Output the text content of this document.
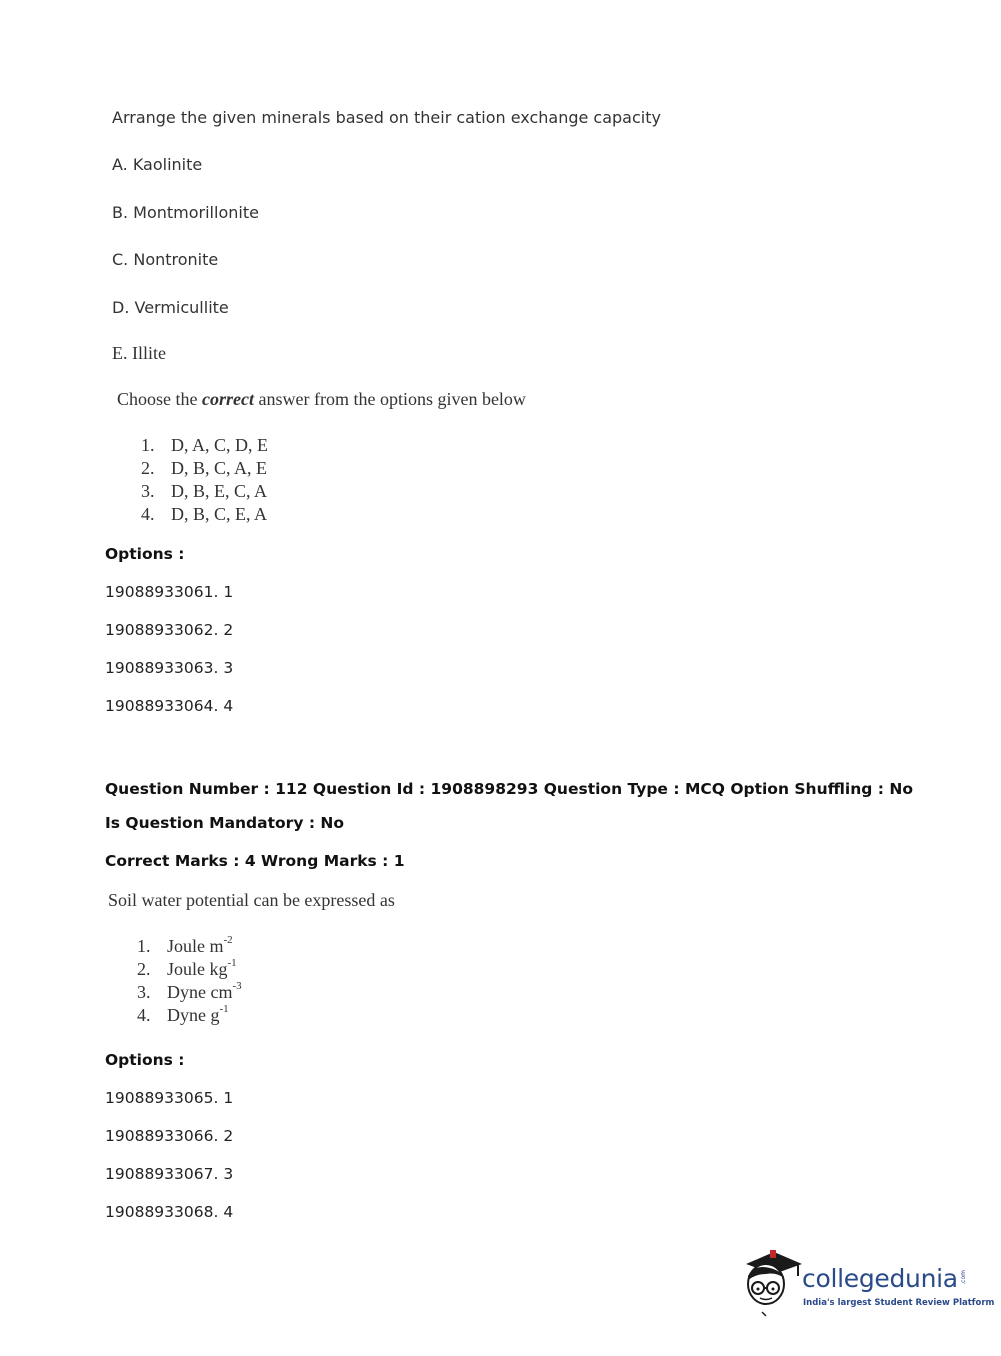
Arrange the given minerals based on their cation exchange capacity
A. Kaolinite
B. Montmorillonite
C. Nontronite
D. Vermicullite
E. Illite
Choose the correct answer from the options given below
1. D, A, C, D, E
2. D, B, C, A, E
3. D, B, E, C, A
4. D, B, C, E, A
Options :
19088933061. 1
19088933062. 2
19088933063. 3
19088933064. 4
Question Number : 112 Question Id : 1908898293 Question Type : MCQ Option Shuffling : No
Is Question Mandatory : No
Correct Marks : 4 Wrong Marks : 1
Soil water potential can be expressed as
1. Joule $m^{-2}$
2. Joule $kg^{-1}$
3. Dyne $cm^{-3}$
4. Dyne $g^{-1}$
Options :
19088933065. 1
19088933066. 2
19088933067. 3
19088933068. 4
collegedunia .com
India's largest Student Review Platform
